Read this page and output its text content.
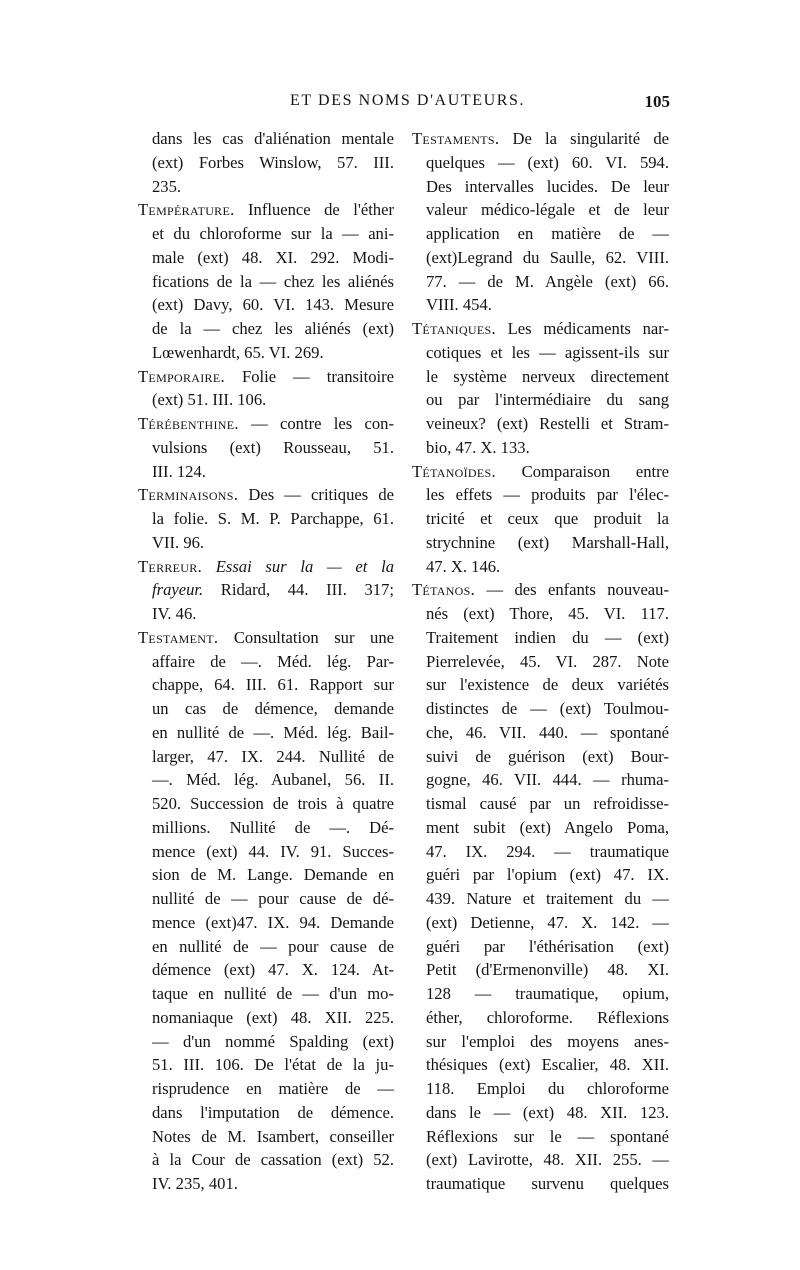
ET DES NOMS D'AUTEURS.	105
dans les cas d'aliénation mentale
(ext) Forbes Winslow, 57. III.
235.
Température. Influence de l'éther
et du chloroforme sur la — ani-
male (ext) 48. XI. 292. Modi-
fications de la — chez les aliénés
(ext) Davy, 60. VI. 143. Mesure
de la — chez les aliénés (ext)
Lœwenhardt, 65. VI. 269.
Temporaire. Folie — transitoire
(ext) 51. III. 106.
Térébenthine. — contre les con-
vulsions (ext) Rousseau, 51.
III. 124.
Terminaisons. Des — critiques de
la folie. S. M. P. Parchappe, 61.
VII. 96.
Terreur. Essai sur la — et la
frayeur. Ridard, 44. III. 317;
IV. 46.
Testament. Consultation sur une
affaire de —. Méd. lég. Par-
chappe, 64. III. 61. Rapport sur
un cas de démence, demande
en nullité de —. Méd. lég. Bail-
larger, 47. IX. 244. Nullité de
—. Méd. lég. Aubanel, 56. II.
520. Succession de trois à quatre
millions. Nullité de —. Dé-
mence (ext) 44. IV. 91. Succes-
sion de M. Lange. Demande en
nullité de — pour cause de dé-
mence (ext)47. IX. 94. Demande
en nullité de — pour cause de
démence (ext) 47. X. 124. At-
taque en nullité de — d'un mo-
nomaniaque (ext) 48. XII. 225.
— d'un nommé Spalding (ext)
51. III. 106. De l'état de la ju-
risprudence en matière de —
dans l'imputation de démence.
Notes de M. Isambert, conseiller
à la Cour de cassation (ext) 52.
IV. 235, 401.
Testaments. De la singularité de
quelques — (ext) 60. VI. 594.
Des intervalles lucides. De leur
valeur médico-légale et de leur
application en matière de —
(ext)Legrand du Saulle, 62. VIII.
77. — de M. Angèle (ext) 66.
VIII. 454.
Tétaniques. Les médicaments nar-
cotiques et les — agissent-ils sur
le système nerveux directement
ou par l'intermédiaire du sang
veineux? (ext) Restelli et Stram-
bio, 47. X. 133.
Tétanoïdes. Comparaison entre
les effets — produits par l'élec-
tricité et ceux que produit la
strychnine (ext) Marshall-Hall,
47. X. 146.
Tétanos. — des enfants nouveau-
nés (ext) Thore, 45. VI. 117.
Traitement indien du — (ext)
Pierrelevée, 45. VI. 287. Note
sur l'existence de deux variétés
distinctes de — (ext) Toulmou-
che, 46. VII. 440. — spontané
suivi de guérison (ext) Bour-
gogne, 46. VII. 444. — rhuma-
tismal causé par un refroidisse-
ment subit (ext) Angelo Poma,
47. IX. 294. — traumatique
guéri par l'opium (ext) 47. IX.
439. Nature et traitement du —
(ext) Detienne, 47. X. 142. —
guéri par l'éthérisation (ext)
Petit (d'Ermenonville) 48. XI.
128 — traumatique, opium,
éther, chloroforme. Réflexions
sur l'emploi des moyens anes-
thésiques (ext) Escalier, 48. XII.
118. Emploi du chloroforme
dans le — (ext) 48. XII. 123.
Réflexions sur le — spontané
(ext) Lavirotte, 48. XII. 255. —
traumatique survenu quelques
